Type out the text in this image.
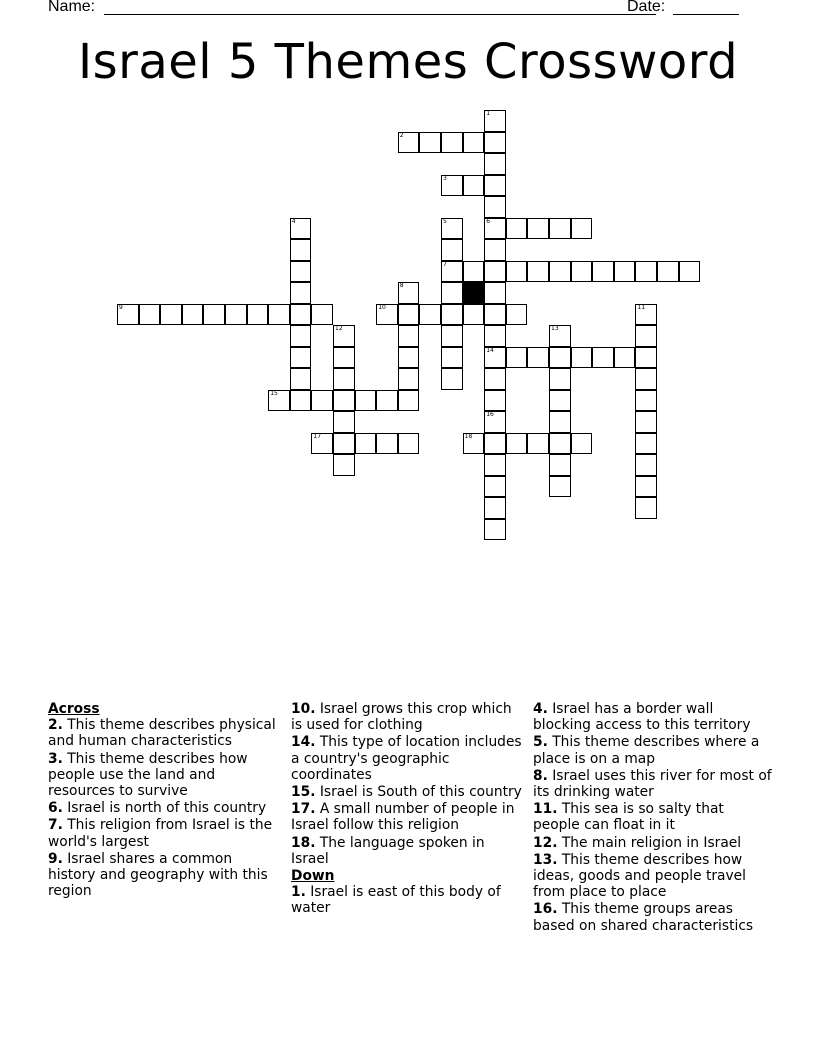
Name:	Date:
Israel 5 Themes Crossword
1
6
14
2
3
4	5
7
8
9	10	11
12	13
15
16
17	18

Across

2. This theme describes physical and human characteristics

3. This theme describes how people use the land and resources to survive

6. Israel is north of this country

7. This religion from Israel is the world's largest

9. Israel shares a common history and geography with this region

10. Israel grows this crop which is used for clothing

14. This type of location includes a country's geographic coordinates

15. Israel is South of this country

17. A small number of people in Israel follow this religion

18. The language spoken in Israel

Down

1. Israel is east of this body of water

4. Israel has a border wall blocking access to this territory

5. This theme describes where a place is on a map

8. Israel uses this river for most of its drinking water

11. This sea is so salty that people can float in it

12. The main religion in Israel

13. This theme describes how ideas, goods and people travel from place to place

16. This theme groups areas based on shared characteristics
